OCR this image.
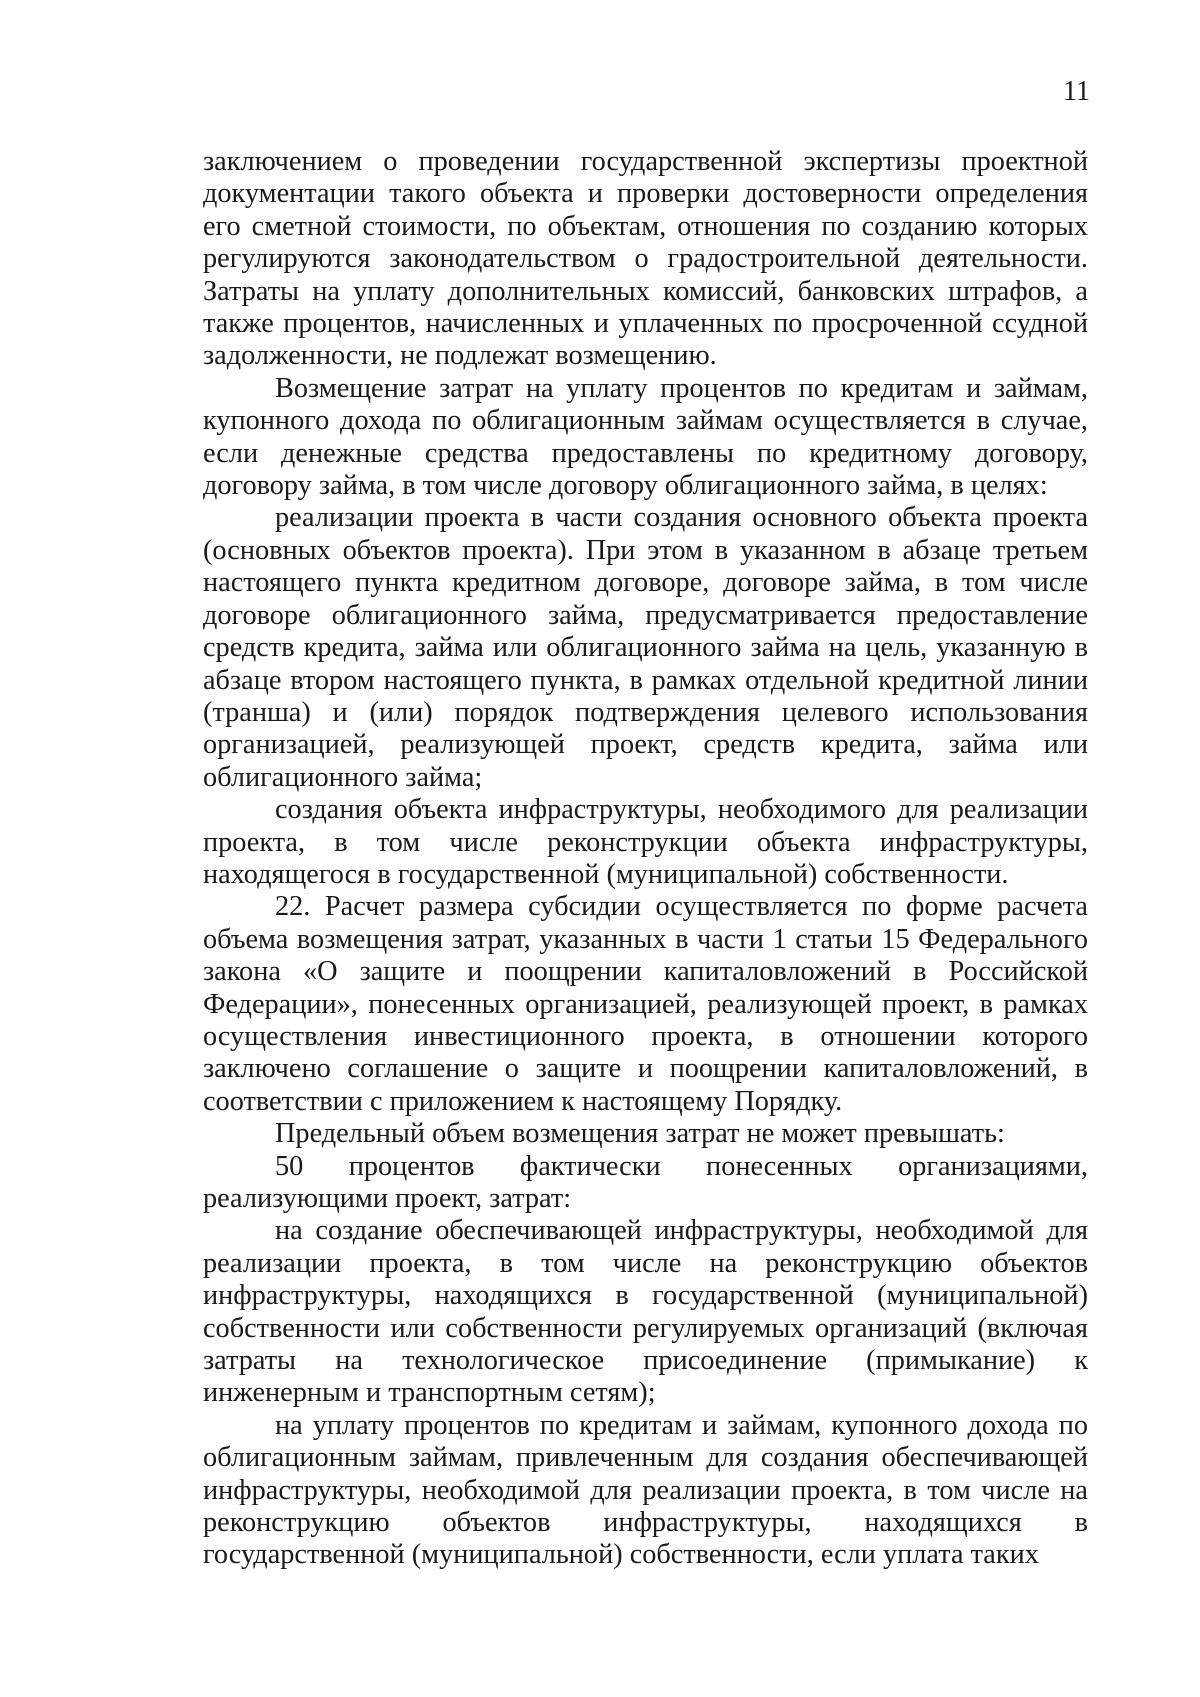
11

заключением о проведении государственной экспертизы проектной документации такого объекта и проверки достоверности определения его сметной стоимости, по объектам, отношения по созданию которых регулируются законодательством о градостроительной деятельности. Затраты на уплату дополнительных комиссий, банковских штрафов, а также процентов, начисленных и уплаченных по просроченной ссудной задолженности, не подлежат возмещению.

Возмещение затрат на уплату процентов по кредитам и займам, купонного дохода по облигационным займам осуществляется в случае, если денежные средства предоставлены по кредитному договору, договору займа, в том числе договору облигационного займа, в целях:

реализации проекта в части создания основного объекта проекта (основных объектов проекта). При этом в указанном в абзаце третьем настоящего пункта кредитном договоре, договоре займа, в том числе договоре облигационного займа, предусматривается предоставление средств кредита, займа или облигационного займа на цель, указанную в абзаце втором настоящего пункта, в рамках отдельной кредитной линии (транша) и (или) порядок подтверждения целевого использования организацией, реализующей проект, средств кредита, займа или облигационного займа;

создания объекта инфраструктуры, необходимого для реализации проекта, в том числе реконструкции объекта инфраструктуры, находящегося в государственной (муниципальной) собственности.

22. Расчет размера субсидии осуществляется по форме расчета объема возмещения затрат, указанных в части 1 статьи 15 Федерального закона «О защите и поощрении капиталовложений в Российской Федерации», понесенных организацией, реализующей проект, в рамках осуществления инвестиционного проекта, в отношении которого заключено соглашение о защите и поощрении капиталовложений, в соответствии с приложением к настоящему Порядку.

Предельный объем возмещения затрат не может превышать:

50 процентов фактически понесенных организациями, реализующими проект, затрат:

на создание обеспечивающей инфраструктуры, необходимой для реализации проекта, в том числе на реконструкцию объектов инфраструктуры, находящихся в государственной (муниципальной) собственности или собственности регулируемых организаций (включая затраты на технологическое присоединение (примыкание) к инженерным и транспортным сетям);

на уплату процентов по кредитам и займам, купонного дохода по облигационным займам, привлеченным для создания обеспечивающей инфраструктуры, необходимой для реализации проекта, в том числе на реконструкцию объектов инфраструктуры, находящихся в государственной (муниципальной) собственности, если уплата таких
